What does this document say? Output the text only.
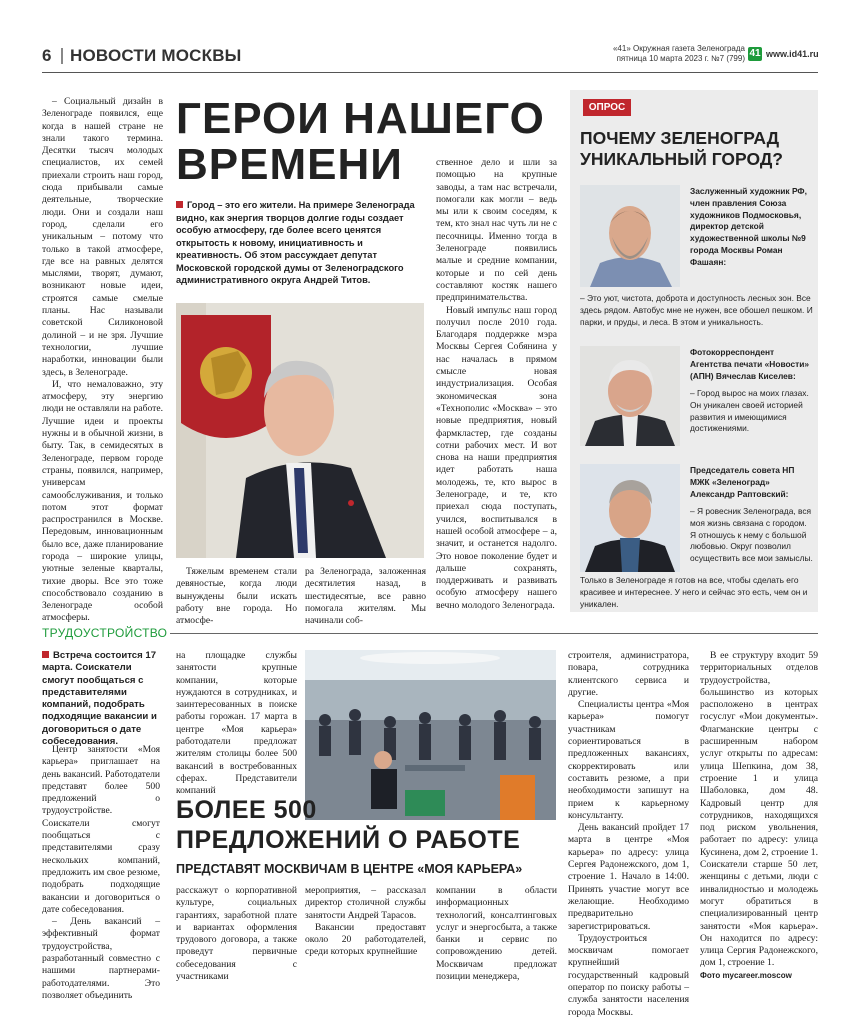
6 НОВОСТИ МОСКВЫ	«41» Окружная газета Зеленограда
пятница 10 марта 2023 г. №7 (799) 41 www.id41.ru

– Социальный дизайн в Зеленограде появился, еще когда в нашей стране не знали такого термина. Десятки тысяч молодых специалистов, их семей приехали строить наш город, сюда прибывали самые деятельные, творческие люди. Они и создали наш город, сделали его уникальным – потому что только в такой атмосфере, где все на равных делятся мыслями, творят, думают, возникают новые идеи, строятся самые смелые планы. Нас называли советской Силиконовой долиной – и не зря. Лучшие технологии, лучшие наработки, инновации были здесь, в Зеленограде.

И, что немаловажно, эту атмосферу, эту энергию люди не оставляли на работе. Лучшие идеи и проекты нужны и в обычной жизни, в быту. Так, в семидесятых в Зеленограде, первом городе страны, появился, например, универсам самообслуживания, и только потом этот формат распространился в Москве. Передовым, инновационным было все, даже планирование города – широкие улицы, уютные зеленые кварталы, тихие дворы. Все это тоже способствовало созданию в Зеленограде особой атмосферы.

ГЕРОИ НАШЕГО
ВРЕМЕНИ
Город – это его жители. На примере Зеленограда видно, как энергия творцов долгие годы создает особую атмосферу, где более всего ценятся открытость к новому, инициативность и креативность. Об этом рассуждает депутат Московской городской думы от Зеленоградского административного округа Андрей Титов.

Тяжелым временем стали девяностые, когда люди вынуждены были искать работу вне города. Но атмосфе-

ра Зеленограда, заложенная десятилетия назад, в шестидесятые, все равно помогала жителям. Мы начинали соб-

ственное дело и шли за помощью на крупные заводы, а там нас встречали, помогали как могли – ведь мы или к своим соседям, к тем, кто знал нас чуть ли не с песочницы. Именно тогда в Зеленограде появились малые и средние компании, которые и по сей день составляют костяк нашего предпринимательства.

Новый импульс наш город получил после 2010 года. Благодаря поддержке мэра Москвы Сергея Собянина у нас началась в прямом смысле новая индустриализация. Особая экономическая зона «Технополис «Москва» – это новые предприятия, новый фармкластер, где созданы сотни рабочих мест. И вот снова на наши предприятия идет работать наша молодежь, те, кто вырос в Зеленограде, и те, кто приехал сюда поступать, учился, воспитывался в нашей особой атмосфере – а, значит, и останется надолго. Это новое поколение будет и дальше сохранять, поддерживать и развивать особую атмосферу нашего вечно молодого Зеленограда.

ОПРОС
ПОЧЕМУ ЗЕЛЕНОГРАД
УНИКАЛЬНЫЙ ГОРОД?
Заслуженный художник РФ, член правления Союза художников Подмосковья, директор детской художественной школы №9 города Москвы Роман Фашаян:
– Это уют, чистота, доброта и доступность лесных зон. Все здесь рядом. Автобус мне не нужен, все обошел пешком. И парки, и пруды, и леса. В этом и уникальность.
Фотокорреспондент Агентства печати «Новости» (АПН) Вячеслав Киселев:
– Город вырос на моих глазах. Он уникален своей историей развития и имеющимися достижениями.
Председатель совета НП МЖК «Зеленоград» Александр Раптовский:
– Я ровесник Зеленограда, вся моя жизнь связана с городом. Я отношусь к нему с большой любовью. Округ позволил осуществить все мои замыслы.
Только в Зеленограде я готов на все, чтобы сделать его красивее и интереснее. У него и сейчас это есть, чем он и уникален.
ТРУДОУСТРОЙСТВО
Встреча состоится 17 марта. Соискатели смогут пообщаться с представителями компаний, подобрать подходящие вакансии и договориться о дате собеседования.

Центр занятости «Моя карьера» приглашает на день вакансий. Работодатели представят более 500 предложений о трудоустройстве. Соискатели смогут пообщаться с представителями сразу нескольких компаний, предложить им свое резюме, подобрать подходящие вакансии и договориться о дате собеседования.

– День вакансий – эффективный формат трудоустройства, разработанный совместно с нашими партнерами-работодателями. Это позволяет объединить

на площадке службы занятости крупные компании, которые нуждаются в сотрудниках, и заинтересованных в поиске работы горожан. 17 марта в центре «Моя карьера» работодатели предложат жителям столицы более 500 вакансий в востребованных сферах. Представители компаний

БОЛЕЕ 500
ПРЕДЛОЖЕНИЙ О РАБОТЕ
ПРЕДСТАВЯТ МОСКВИЧАМ В ЦЕНТРЕ «МОЯ КАРЬЕРА»

расскажут о корпоративной культуре, социальных гарантиях, заработной плате и вариантах оформления трудового договора, а также проведут первичные собеседования с участниками

мероприятия, – рассказал директор столичной службы занятости Андрей Тарасов.

Вакансии предоставят около 20 работодателей, среди которых крупнейшие

компании в области информационных технологий, консалтинговых услуг и энергосбыта, а также банки и сервис по сопровождению детей. Москвичам предложат позиции менеджера,

строителя, администратора, повара, сотрудника клиентского сервиса и другие.

Специалисты центра «Моя карьера» помогут участникам сориентироваться в предложенных вакансиях, скорректировать или составить резюме, а при необходимости запишут на прием к карьерному консультанту.

День вакансий пройдет 17 марта в центре «Моя карьера» по адресу: улица Сергея Радонежского, дом 1, строение 1. Начало в 14:00. Принять участие могут все желающие. Необходимо предварительно зарегистрироваться.

Трудоустроиться москвичам помогает крупнейший государственный кадровый оператор по поиску работы – служба занятости населения города Москвы.

В ее структуру входит 59 территориальных отделов трудоустройства, большинство из которых расположено в центрах госуслуг «Мои документы». Флагманские центры с расширенным набором услуг открыты по адресам: улица Шепкина, дом 38, строение 1 и улица Шаболовка, дом 48. Кадровый центр для сотрудников, находящихся под риском увольнения, работает по адресу: улица Кусинена, дом 2, строение 1. Соискатели старше 50 лет, женщины с детьми, люди с инвалидностью и молодежь могут обратиться в специализированный центр занятости «Моя карьера». Он находится по адресу: улица Сергия Радонежского, дом 1, строение 1.

Фото mycareer.moscow
